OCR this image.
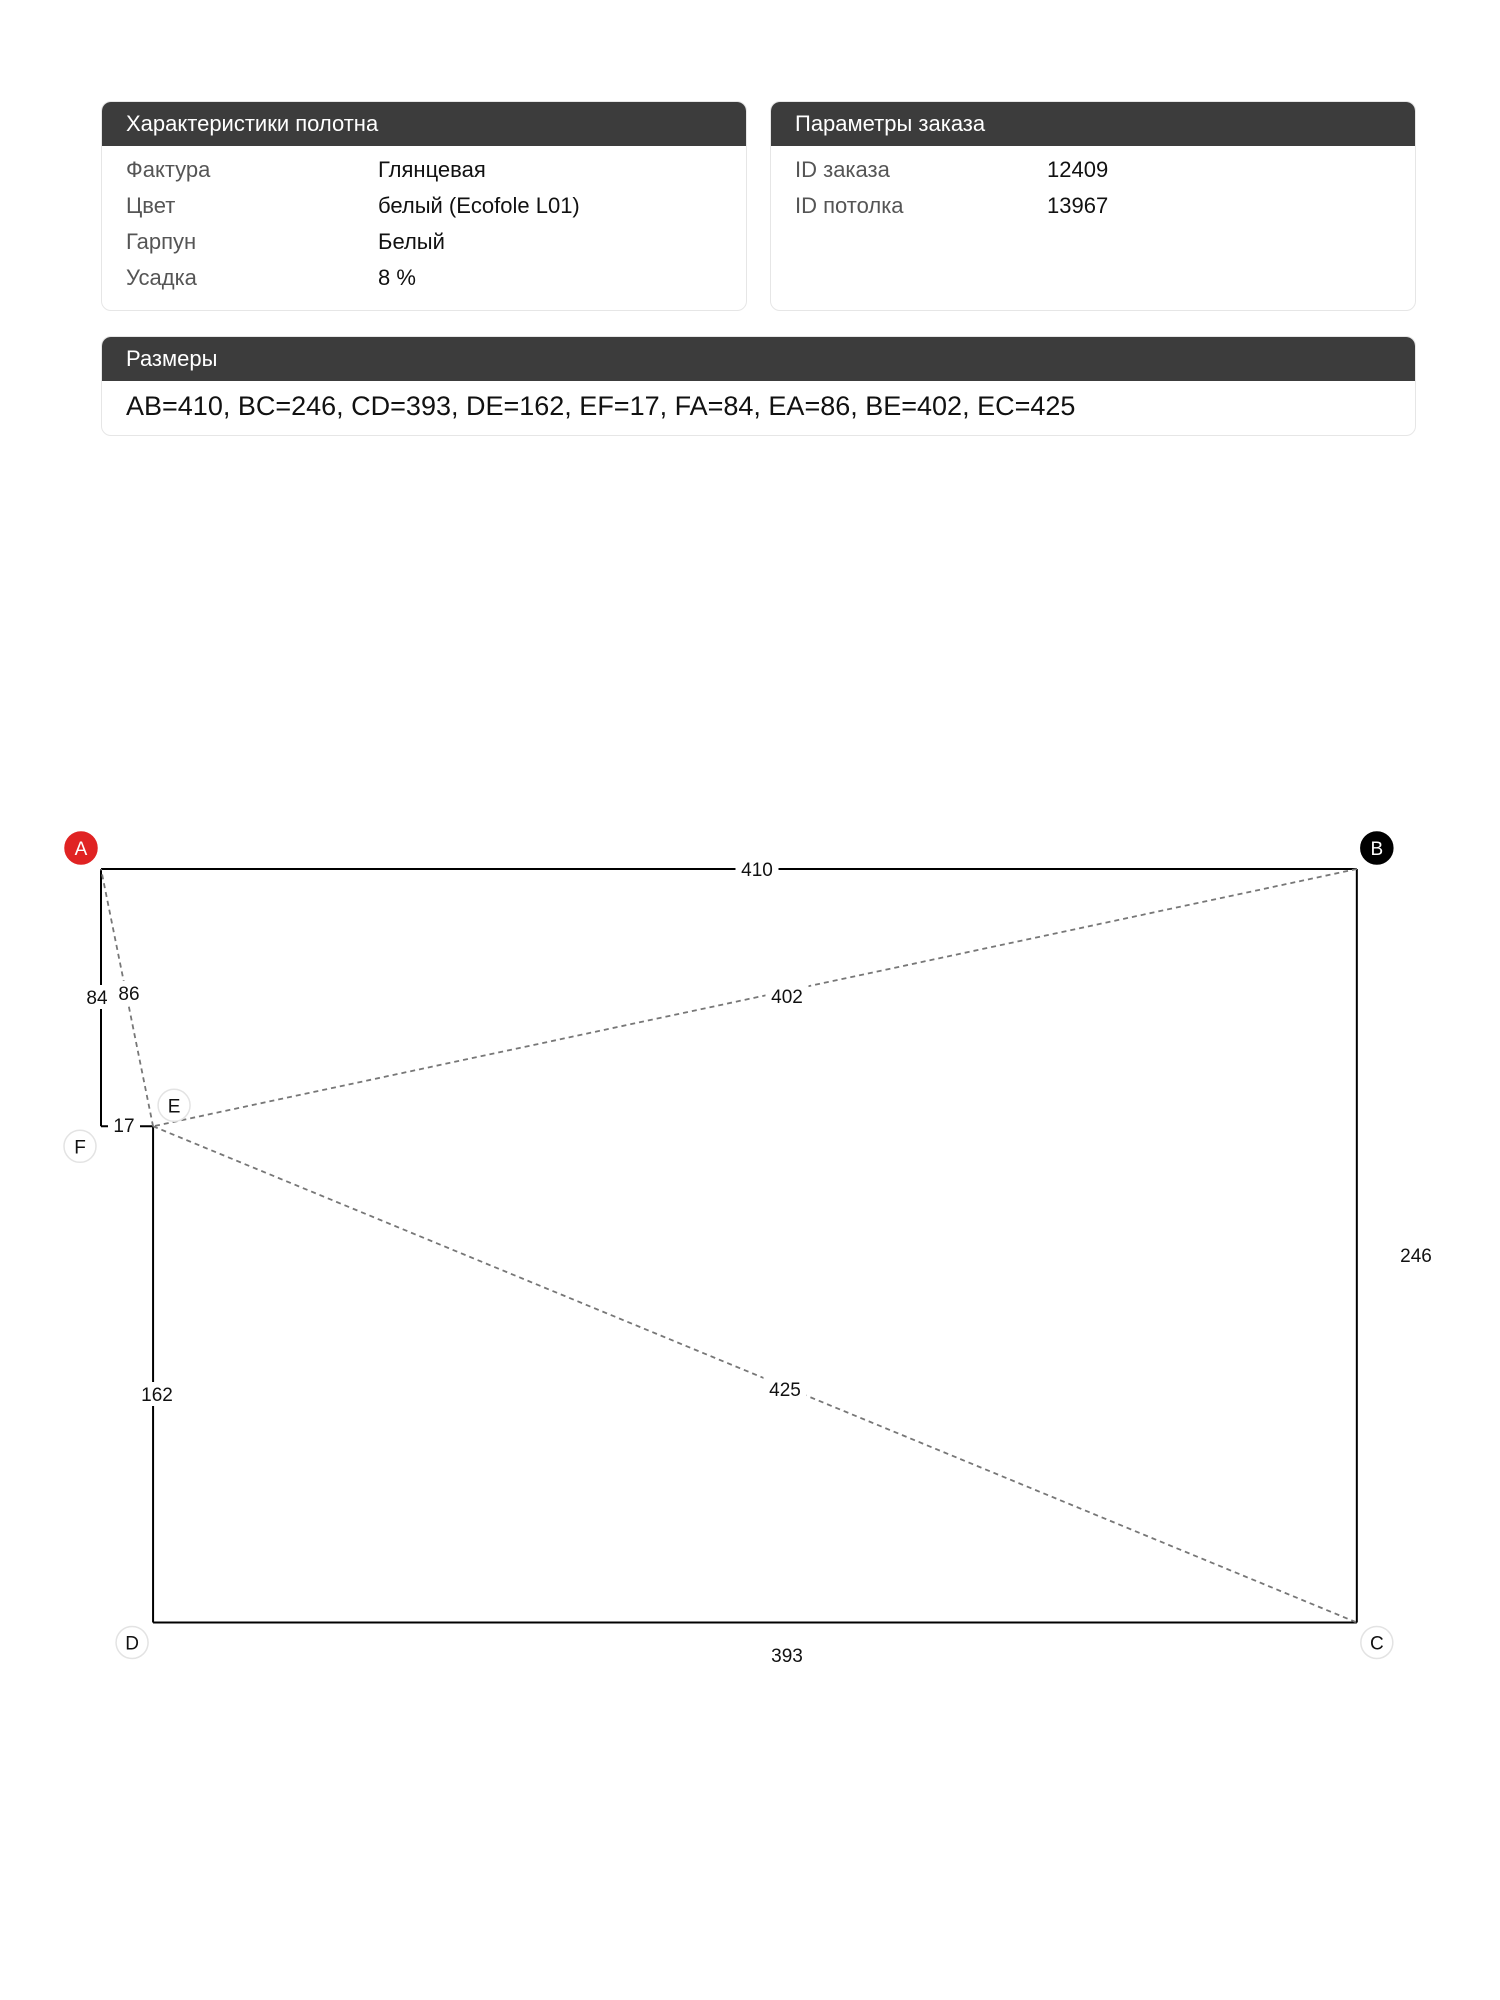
Характеристики полотна
Фактура	Глянцевая
Цвет	белый (Ecofole L01)
Гарпун	Белый
Усадка	8 %
Параметры заказа
ID заказа	12409
ID потолка	13967
Размеры
AB=410, BC=246, CD=393, DE=162, EF=17, FA=84, EA=86, BE=402, EC=425
410
246
393
162
17
84 86	402
425
A	B
C
D
E
F
